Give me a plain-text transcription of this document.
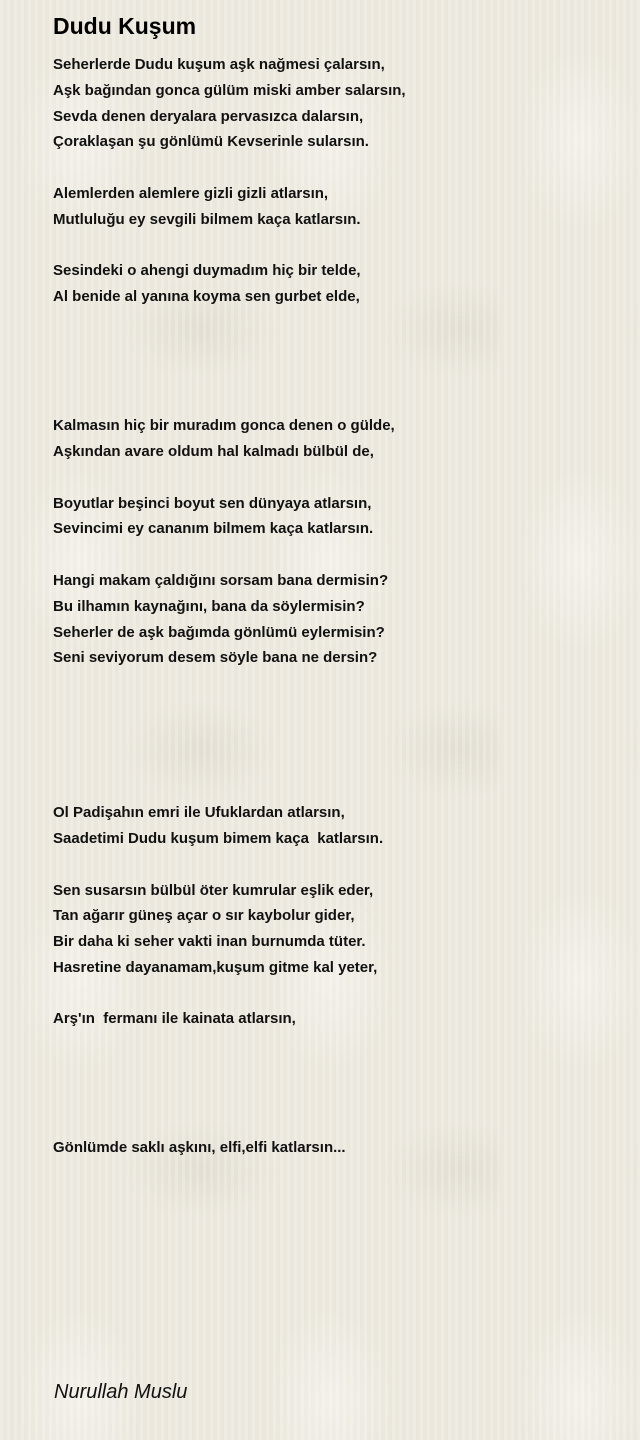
Dudu Kuşum
Seherlerde Dudu kuşum aşk nağmesi çalarsın,
Aşk bağından gonca gülüm miski amber salarsın,
Sevda denen deryalara pervasızca dalarsın,
Çoraklaşan şu gönlümü Kevserinle sularsın.
Alemlerden alemlere gizli gizli atlarsın,
Mutluluğu ey sevgili bilmem kaça katlarsın.
Sesindeki o ahengi duymadım hiç bir telde,
Al benide al yanına koyma sen gurbet elde,
Kalmasın hiç bir muradım gonca denen o gülde,
Aşkından avare oldum hal kalmadı bülbül de,
Boyutlar beşinci boyut sen dünyaya atlarsın,
Sevincimi ey cananım bilmem kaça katlarsın.
Hangi makam çaldığını sorsam bana dermisin?
Bu ilhamın kaynağını, bana da söylermisin?
Seherler de aşk bağımda gönlümü eylermisin?
Seni seviyorum desem söyle bana ne dersin?
Ol Padişahın emri ile Ufuklardan atlarsın,
Saadetimi Dudu kuşum bimem kaça  katlarsın.
Sen susarsın bülbül öter kumrular eşlik eder,
Tan ağarır güneş açar o sır kaybolur gider,
Bir daha ki seher vakti inan burnumda tüter.
Hasretine dayanamam,kuşum gitme kal yeter,
Arş'ın  fermanı ile kainata atlarsın,
Gönlümde saklı aşkını, elfi,elfi katlarsın...
Nurullah Muslu
